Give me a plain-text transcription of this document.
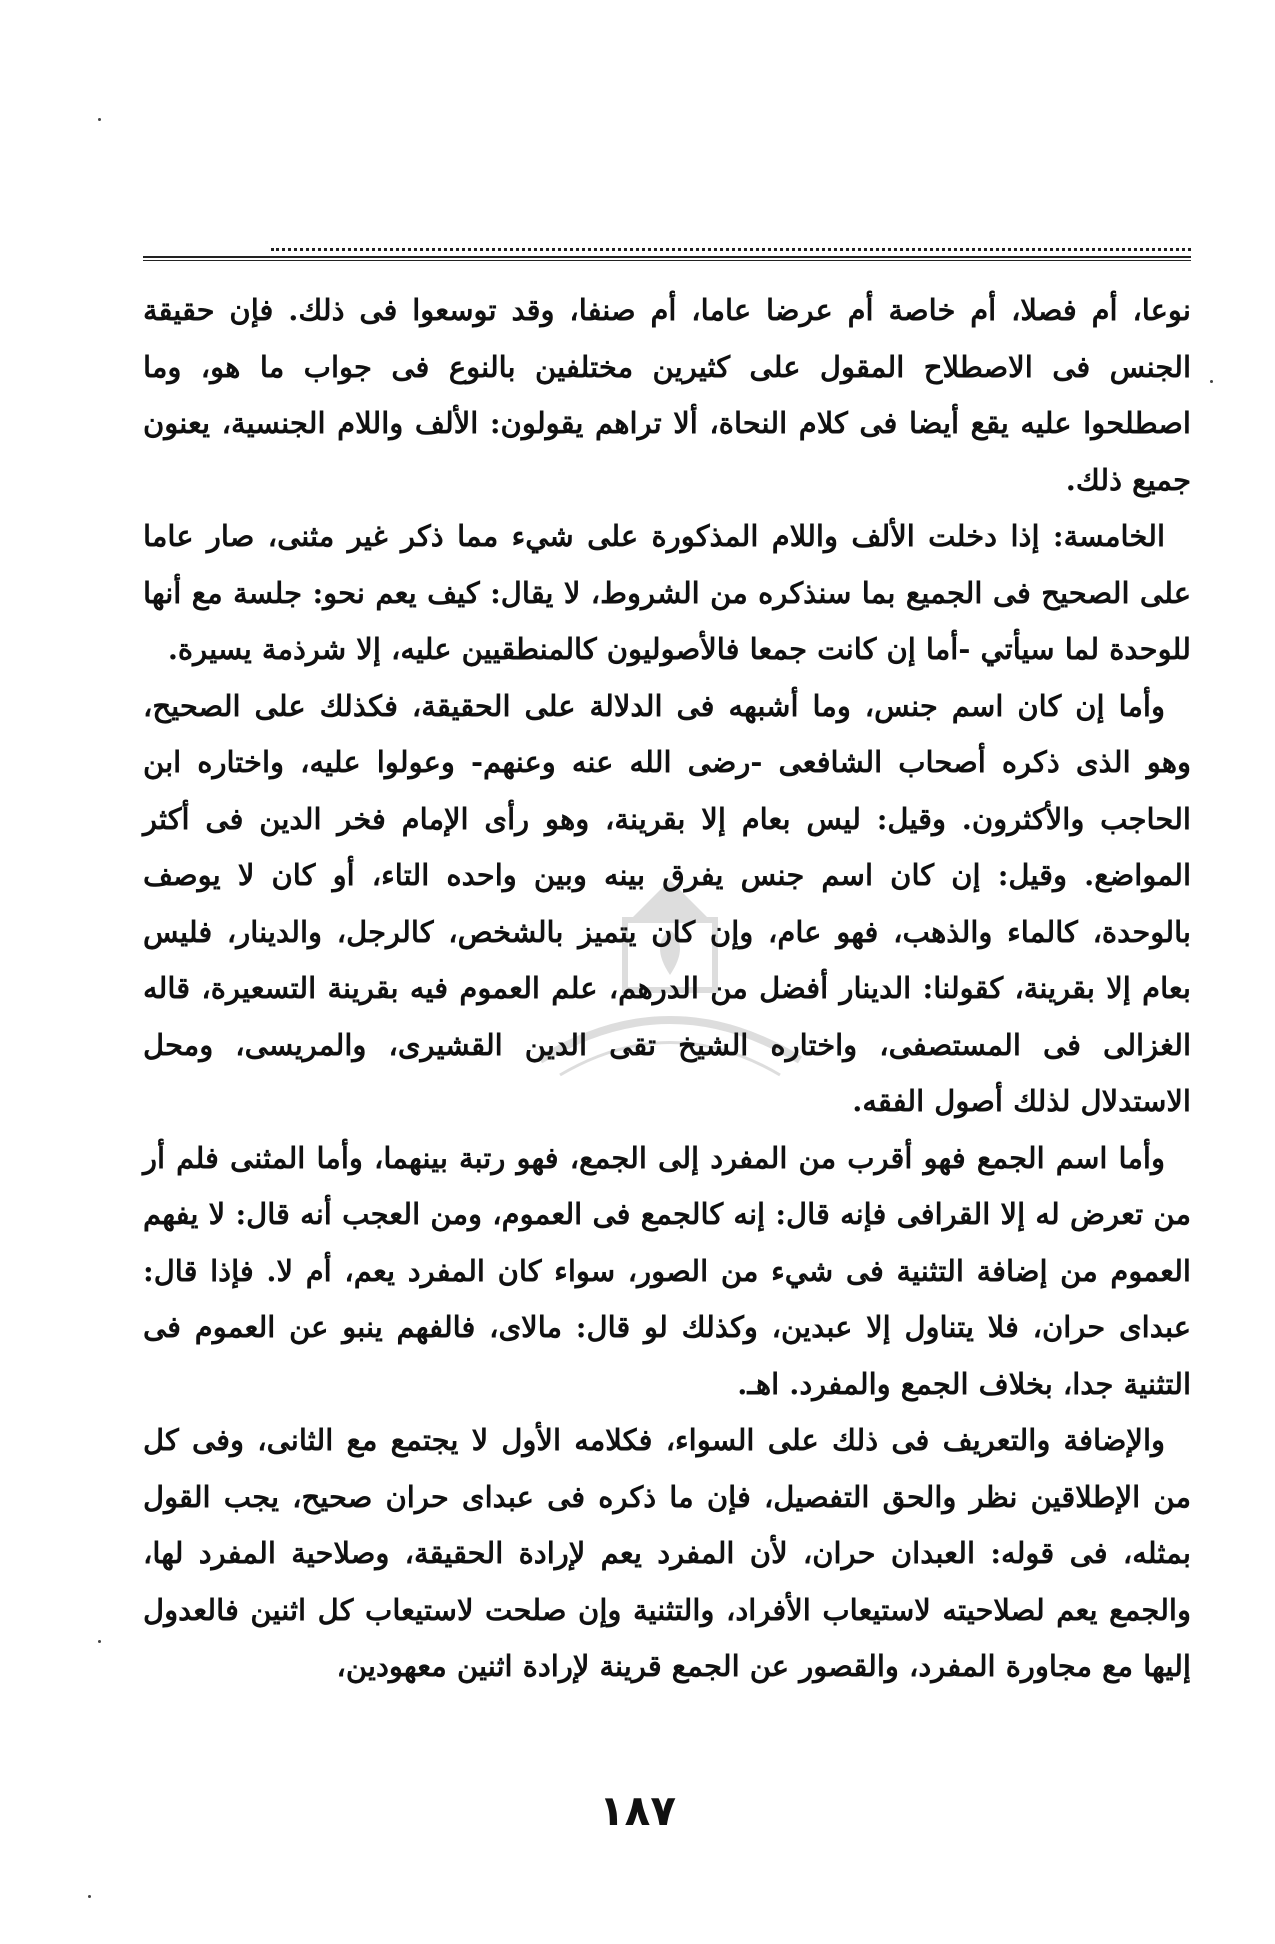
نوعا، أم فصلا، أم خاصة أم عرضا عاما، أم صنفا، وقد توسعوا فى ذلك. فإن حقيقة الجنس فى الاصطلاح المقول على كثيرين مختلفين بالنوع فى جواب ما هو، وما اصطلحوا عليه يقع أيضا فى كلام النحاة، ألا تراهم يقولون: الألف واللام الجنسية، يعنون جميع ذلك.

الخامسة: إذا دخلت الألف واللام المذكورة على شيء مما ذكر غير مثنى، صار عاما على الصحيح فى الجميع بما سنذكره من الشروط، لا يقال: كيف يعم نحو: جلسة مع أنها للوحدة لما سيأتي -أما إن كانت جمعا فالأصوليون كالمنطقيين عليه، إلا شرذمة يسيرة.

وأما إن كان اسم جنس، وما أشبهه فى الدلالة على الحقيقة، فكذلك على الصحيح، وهو الذى ذكره أصحاب الشافعى -رضى الله عنه وعنهم- وعولوا عليه، واختاره ابن الحاجب والأكثرون. وقيل: ليس بعام إلا بقرينة، وهو رأى الإمام فخر الدين فى أكثر المواضع. وقيل: إن كان اسم جنس يفرق بينه وبين واحده التاء، أو كان لا يوصف بالوحدة، كالماء والذهب، فهو عام، وإن كان يتميز بالشخص، كالرجل، والدينار، فليس بعام إلا بقرينة، كقولنا: الدينار أفضل من الدرهم، علم العموم فيه بقرينة التسعيرة، قاله الغزالى فى المستصفى، واختاره الشيخ تقى الدين القشيرى، والمريسى، ومحل الاستدلال لذلك أصول الفقه.

وأما اسم الجمع فهو أقرب من المفرد إلى الجمع، فهو رتبة بينهما، وأما المثنى فلم أر من تعرض له إلا القرافى فإنه قال: إنه كالجمع فى العموم، ومن العجب أنه قال: لا يفهم العموم من إضافة التثنية فى شيء من الصور، سواء كان المفرد يعم، أم لا. فإذا قال: عبداى حران، فلا يتناول إلا عبدين، وكذلك لو قال: مالاى، فالفهم ينبو عن العموم فى التثنية جدا، بخلاف الجمع والمفرد. اهـ.

والإضافة والتعريف فى ذلك على السواء، فكلامه الأول لا يجتمع مع الثانى، وفى كل من الإطلاقين نظر والحق التفصيل، فإن ما ذكره فى عبداى حران صحيح، يجب القول بمثله، فى قوله: العبدان حران، لأن المفرد يعم لإرادة الحقيقة، وصلاحية المفرد لها، والجمع يعم لصلاحيته لاستيعاب الأفراد، والتثنية وإن صلحت لاستيعاب كل اثنين فالعدول إليها مع مجاورة المفرد، والقصور عن الجمع قرينة لإرادة اثنين معهودين،

١٨٧
